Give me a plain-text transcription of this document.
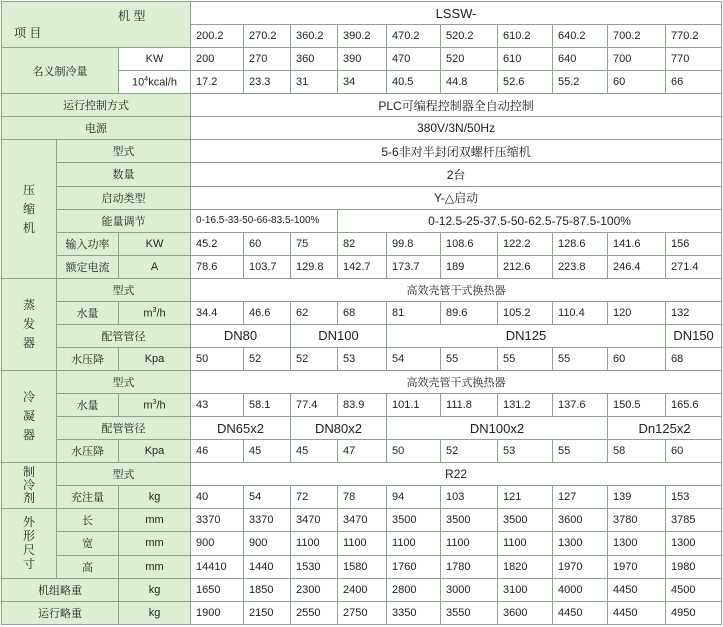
机 型
项 目			LSSW-									
			200.2	270.2	360.2	390.2	470.2	520.2	610.2	640.2	700.2	770.2
名义制冷量		KW	200	270	360	390	470	520	610	640	700	770
		$10^4kcal/h$	17.2	23.3	31	34	40.5	44.8	52.6	55.2	60	66
运行控制方式			PLC可编程控制器全自动控制									
电源			380V/3N/50Hz									
压
缩
机	型式		5-6非对半封闭双螺杆压缩机									
	数量		2台									
	启动类型		Y-△启动									
	能量调节		0-16.5-33-50-66-83.5-100%			0-12.5-25-37.5-50-62.5-75-87.5-100%						
	输入功率	KW	45.2	60	75	82	99.8	108.6	122.2	128.6	141.6	156
	额定电流	A	78.6	103.7	129.8	142.7	173.7	189	212.6	223.8	246.4	271.4
蒸
发
器	型式		高效壳管干式换热器									
	水量	$m^3/h$	34.4	46.6	62	68	81	89.6	105.2	110.4	120	132
	配管管径		DN80		DN100		DN125					DN150
	水压降	Kpa	50	52	52	53	54	55	55	55	60	68
冷
凝
器	型式		高效壳管干式换热器									
	水量	$m^3/h$	43	58.1	77.4	83.9	101.1	111.8	131.2	137.6	150.5	165.6
	配管管径		DN65x2		DN80x2		DN100x2				Dn125x2	
	水压降	Kpa	46	45	45	47	50	52	53	55	58	60
制
冷
剂	型式		R22									
	充注量	kg	40	54	72	78	94	103	121	127	139	153
外
形
尺
寸	长	mm	3370	3370	3470	3470	3500	3500	3500	3600	3780	3785
	宽	mm	900	900	1100	1100	1100	1100	1100	1300	1300	1300
	高	mm	14410	1440	1530	1580	1760	1780	1820	1970	1970	1980
机组略重		kg	1650	1850	2300	2400	2800	3000	3100	4000	4450	4500
运行略重		kg	1900	2150	2550	2750	3350	3550	3600	4450	4450	4950
